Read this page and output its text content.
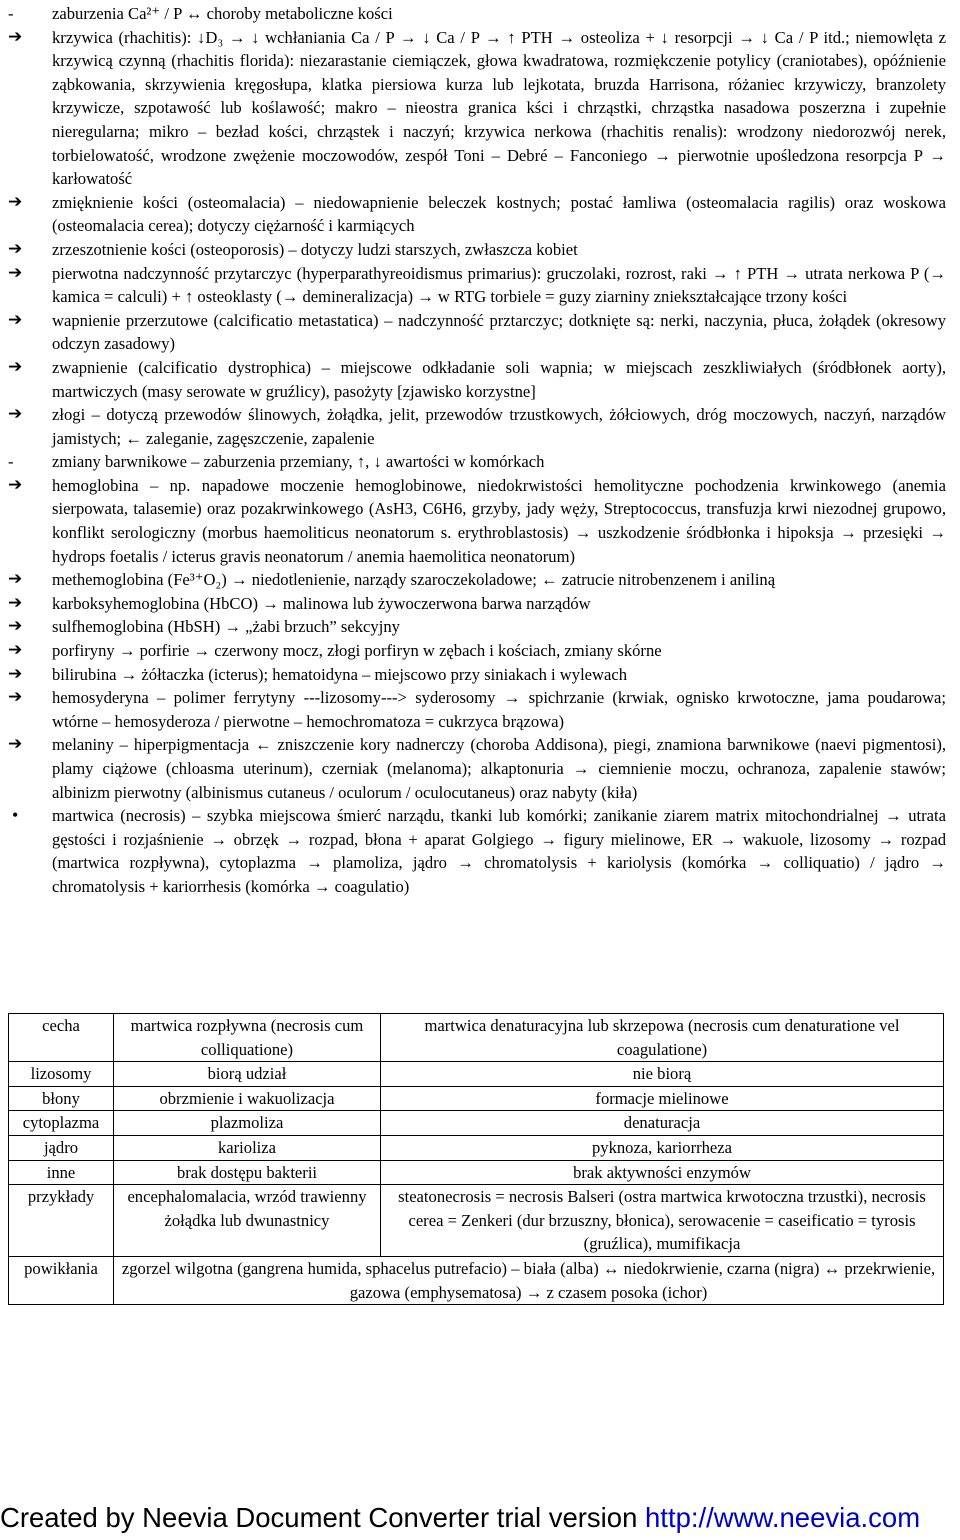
-	zaburzenia Ca²⁺ / P ↔ choroby metaboliczne kości
➔	krzywica (rhachitis): ↓D₃ → ↓ wchłaniania Ca / P → ↓ Ca / P → ↑ PTH → osteoliza + ↓ resorpcji → ↓ Ca / P itd.; niemowlęta z krzywicą czynną (rhachitis florida): niezarastanie ciemiączek, głowa kwadratowa, rozmiękczenie potylicy (craniotabes), opóźnienie ząbkowania, skrzywienia kręgosłupa, klatka piersiowa kurza lub lejkotata, bruzda Harrisona, różaniec krzywiczy, branzolety krzywicze, szpotawość lub koślawość; makro – nieostra granica kści i chrząstki, chrząstka nasadowa poszerzna i zupełnie nieregularna; mikro – bezład kości, chrząstek i naczyń; krzywica nerkowa (rhachitis renalis): wrodzony niedorozwój nerek, torbielowatość, wrodzone zwężenie moczowodów, zespół Toni – Debré – Fanconiego → pierwotnie upośledzona resorpcja P → karłowatość
➔	zmięknienie kości (osteomalacia) – niedowapnienie beleczek kostnych; postać łamliwa (osteomalacia ragilis) oraz woskowa (osteomalacia cerea); dotyczy ciężarność i karmiących
➔	zrzeszotnienie kości (osteoporosis) – dotyczy ludzi starszych, zwłaszcza kobiet
➔	pierwotna nadczynność przytarczyc (hyperparathyreoidismus primarius): gruczolaki, rozrost, raki → ↑ PTH → utrata nerkowa P (→ kamica = calculi) + ↑ osteoklasty (→ demineralizacja) → w RTG torbiele = guzy ziarniny zniekształcające trzony kości
➔	wapnienie przerzutowe (calcificatio metastatica) – nadczynność prztarczyc; dotknięte są: nerki, naczynia, płuca, żołądek (okresowy odczyn zasadowy)
➔	zwapnienie (calcificatio dystrophica) – miejscowe odkładanie soli wapnia; w miejscach zeszkliwiałych (śródbłonek aorty), martwiczych (masy serowate w gruźlicy), pasożyty [zjawisko korzystne]
➔	złogi – dotyczą przewodów ślinowych, żołądka, jelit, przewodów trzustkowych, żółciowych, dróg moczowych, naczyń, narządów jamistych; ← zaleganie, zagęszczenie, zapalenie
-	zmiany barwnikowe – zaburzenia przemiany, ↑, ↓ awartości w komórkach
➔	hemoglobina – np. napadowe moczenie hemoglobinowe, niedokrwistości hemolityczne pochodzenia krwinkowego (anemia sierpowata, talasemie) oraz pozakrwinkowego (AsH3, C6H6, grzyby, jady węży, Streptococcus, transfuzja krwi niezodnej grupowo, konflikt serologiczny (morbus haemoliticus neonatorum s. erythroblastosis) → uszkodzenie śródbłonka i hipoksja → przesięki → hydrops foetalis / icterus gravis neonatorum / anemia haemolitica neonatorum)
➔	methemoglobina (Fe³⁺O₂) → niedotlenienie, narządy szaroczekoladowe; ← zatrucie nitrobenzenem i aniliną
➔	karboksyhemoglobina (HbCO) → malinowa lub żywoczerwona barwa narządów
➔	sulfhemoglobina (HbSH) → „żabi brzuch” sekcyjny
➔	porfiryny → porfirie → czerwony mocz, złogi porfiryn w zębach i kościach, zmiany skórne
➔	bilirubina → żółtaczka (icterus); hematoidyna – miejscowo przy siniakach i wylewach
➔	hemosyderyna – polimer ferrytyny ---lizosomy---> syderosomy → spichrzanie (krwiak, ognisko krwotoczne, jama poudarowa; wtórne – hemosyderoza / pierwotne – hemochromatoza = cukrzyca brązowa)
➔	melaniny – hiperpigmentacja ← zniszczenie kory nadnerczy (choroba Addisona), piegi, znamiona barwnikowe (naevi pigmentosi), plamy ciążowe (chloasma uterinum), czerniak (melanoma); alkaptonuria → ciemnienie moczu, ochranoza, zapalenie stawów; albinizm pierwotny (albinismus cutaneus / oculorum / oculocutaneus) oraz nabyty (kiła)
•	martwica (necrosis) – szybka miejscowa śmierć narządu, tkanki lub komórki; zanikanie ziarem matrix mitochondrialnej → utrata gęstości i rozjaśnienie → obrzęk → rozpad, błona + aparat Golgiego → figury mielinowe, ER → wakuole, lizosomy → rozpad (martwica rozpływna), cytoplazma → plamoliza, jądro → chromatolysis + kariolysis (komórka → colliquatio) / jądro → chromatolysis + kariorrhesis (komórka → coagulatio)
cecha	martwica rozpływna (necrosis cum colliquatione)	martwica denaturacyjna lub skrzepowa (necrosis cum denaturatione vel coagulatione)
lizosomy	biorą udział	nie biorą
błony	obrzmienie i wakuolizacja	formacje mielinowe
cytoplazma	plazmoliza	denaturacja
jądro	karioliza	pyknoza, kariorrheza
inne	brak dostępu bakterii	brak aktywności enzymów
przykłady	encephalomalacia, wrzód trawienny żołądka lub dwunastnicy	steatonecrosis = necrosis Balseri (ostra martwica krwotoczna trzustki), necrosis cerea = Zenkeri (dur brzuszny, błonica), serowacenie = caseificatio = tyrosis (gruźlica), mumifikacja
powikłania	zgorzel wilgotna (gangrena humida, sphacelus putrefacio) – biała (alba) ↔ niedokrwienie, czarna (nigra) ↔ przekrwienie, gazowa (emphysematosa) → z czasem posoka (ichor)	
Created by Neevia Document Converter trial version http://www.neevia.com
